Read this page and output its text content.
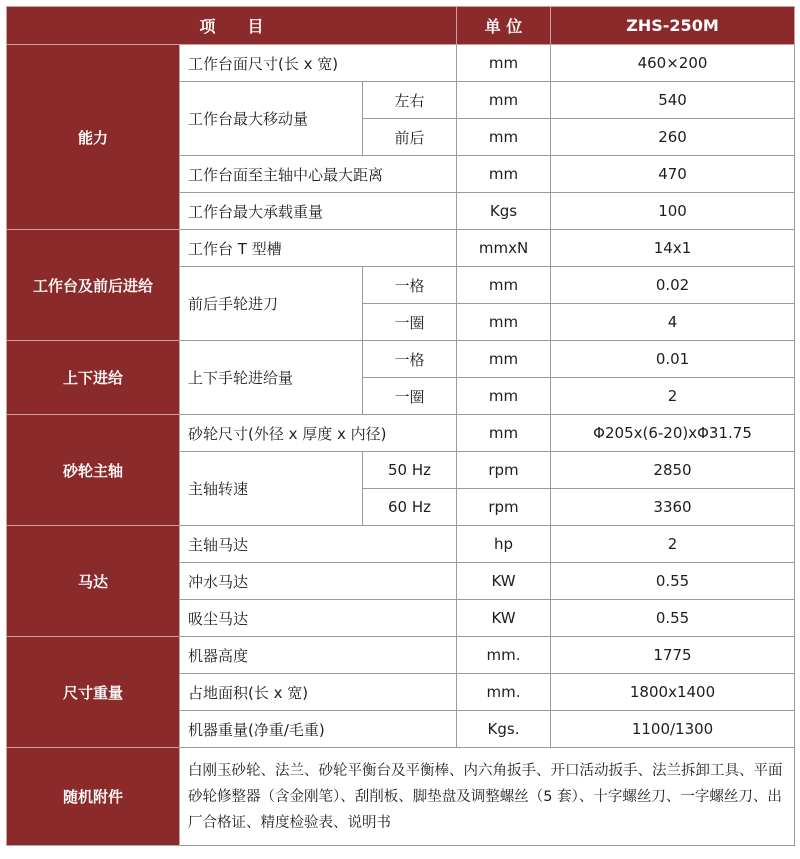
项　　目			单 位	ZHS-250M
能力	工作台面尺寸(长 x 宽)		mm	460×200
	工作台最大移动量	左右	mm	540
		前后	mm	260
	工作台面至主轴中心最大距离		mm	470
	工作台最大承载重量		Kgs	100
工作台及前后进给	工作台 T 型槽		mmxN	14x1
	前后手轮进刀	一格	mm	0.02
		一圈	mm	4
上下进给	上下手轮进给量	一格	mm	0.01
		一圈	mm	2
砂轮主轴	砂轮尺寸(外径 x 厚度 x 内径)		mm	Φ205x(6-20)xΦ31.75
	主轴转速	50 Hz	rpm	2850
		60 Hz	rpm	3360
马达	主轴马达		hp	2
	冲水马达		KW	0.55
	吸尘马达		KW	0.55
尺寸重量	机器高度		mm.	1775
	占地面积(长 x 宽)		mm.	1800x1400
	机器重量(净重/毛重)		Kgs.	1100/1300
随机附件	白刚玉砂轮、法兰、砂轮平衡台及平衡棒、内六角扳手、开口活动扳手、法兰拆卸工具、平面砂轮修整器（含金刚笔）、刮削板、脚垫盘及调整螺丝（5 套）、十字螺丝刀、一字螺丝刀、出厂合格证、精度检验表、说明书			
